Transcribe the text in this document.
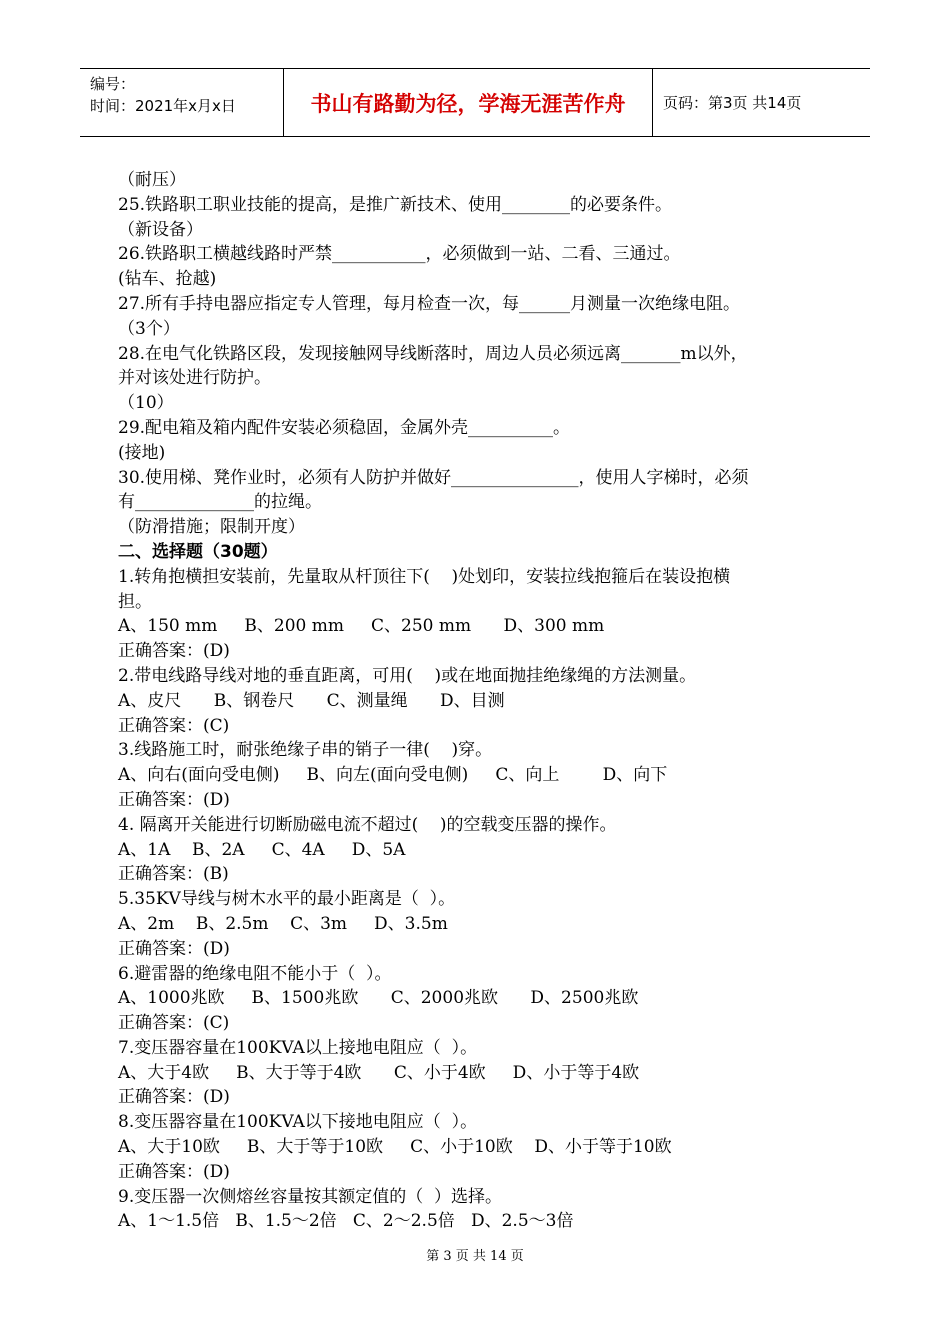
编号：
时间：2021年x月x日	书山有路勤为径，学海无涯苦作舟	页码：第3页 共14页
（耐压）
25.铁路职工职业技能的提高，是推广新技术、使用________的必要条件。
（新设备）
26.铁路职工横越线路时严禁___________，必须做到一站、二看、三通过。
(钻车、抢越)
27.所有手持电器应指定专人管理，每月检查一次，每______月测量一次绝缘电阻。
（3个）
28.在电气化铁路区段，发现接触网导线断落时，周边人员必须远离_______m以外，
并对该处进行防护。
（10）
29.配电箱及箱内配件安装必须稳固，金属外壳__________。
(接地)
30.使用梯、凳作业时，必须有人防护并做好_______________，使用人字梯时，必须
有______________的拉绳。
（防滑措施；限制开度）
二、选择题（30题）
1.转角抱横担安装前，先量取从杆顶往下(    )处划印，安装拉线抱箍后在装设抱横
担。
A、150 mm     B、200 mm     C、250 mm      D、300 mm
正确答案：(D)
2.带电线路导线对地的垂直距离，可用(    )或在地面抛挂绝缘绳的方法测量。
A、皮尺      B、钢卷尺      C、测量绳      D、目测
正确答案：(C)
3.线路施工时，耐张绝缘子串的销子一律(    )穿。
A、向右(面向受电侧)     B、向左(面向受电侧)     C、向上        D、向下
正确答案：(D)
4. 隔离开关能进行切断励磁电流不超过(    )的空载变压器的操作。
A、1A    B、2A     C、4A     D、5A
正确答案：(B)
5.35KV导线与树木水平的最小距离是（  ）。
A、2m    B、2.5m    C、3m     D、3.5m
正确答案：(D)
6.避雷器的绝缘电阻不能小于（  ）。
A、1000兆欧     B、1500兆欧      C、2000兆欧      D、2500兆欧
正确答案：(C)
7.变压器容量在100KVA以上接地电阻应（  ）。
A、大于4欧     B、大于等于4欧      C、小于4欧     D、小于等于4欧
正确答案：(D)
8.变压器容量在100KVA以下接地电阻应（  ）。
A、大于10欧     B、大于等于10欧     C、小于10欧    D、小于等于10欧
正确答案：(D)
9.变压器一次侧熔丝容量按其额定值的（  ）选择。
A、1～1.5倍   B、1.5～2倍   C、2～2.5倍   D、2.5～3倍
第 3 页 共 14 页
